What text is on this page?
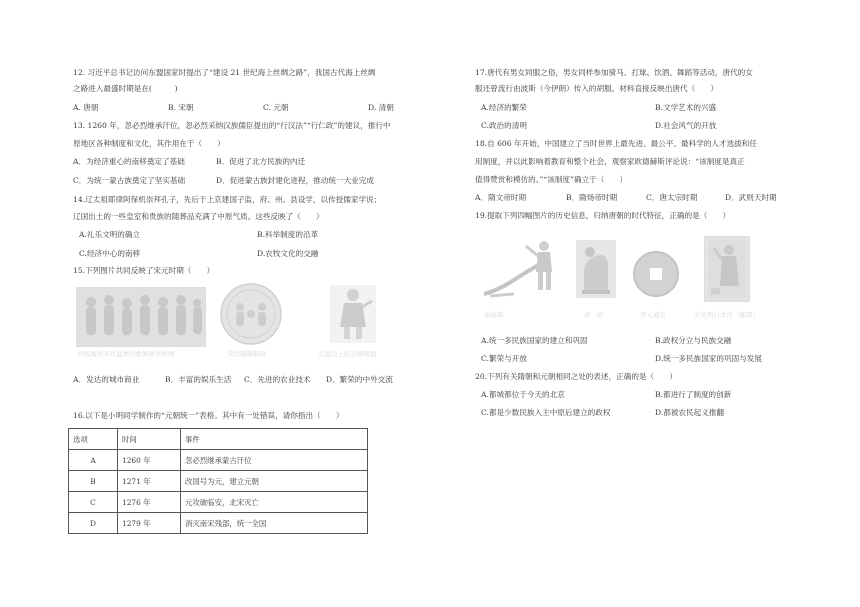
12. 习近平总书记访问东盟国家时提出了“建设 21 世纪海上丝绸之路”，我国古代海上丝绸
之路进入最盛时期是在(　　　)
A. 唐朝	B. 宋朝	C. 元朝	D. 清朝
13. 1260 年，忽必烈继承汗位，忽必烈采纳汉族儒臣提出的“行汉法”“行仁政”的建议，推行中
原地区各种制度和文化，其作用在于（　　）
A．为经济重心的南移奠定了基础	B．促进了北方民族的内迁
C．为统一蒙古族奠定了坚实基础	D．促进蒙古族封建化进程，推动统一大业完成
14.辽太祖耶律阿保机崇拜孔子，先后于上京建国子监，府、州、县设学，以传授儒家学说；
辽国出土的一些皇室和贵族的随葬品充满了中原气质。这些反映了（　　）
A.礼乐文明的确立	B.科举制度的沿革
C.经济中心的南移	D.农牧文化的交融
15.下列图片共同反映了宋元时期（　　）
河南禹州宋代墓葬的歌舞散乐壁画	宋代踢鞠铜镜	元墓出土的杂剧陶俑
A．发达的城市商业	B．丰富的娱乐生活 C．先进的农业技术 D．繁荣的中外交流
16.以下是小明同学制作的“元朝统一”表格。其中有一处错误，请你指出（　　）
选项	时间	事件
A	1260 年	忽必烈继承蒙古汗位
B	1271 年	改国号为元，建立元朝
C	1276 年	元攻破临安，北宋灭亡
D	1279 年	消灭南宋残部，统一全国
17.唐代有男女同服之俗，男女同样参加骑马、打球、饮酒、舞蹈等活动，唐代的女
服还曾流行由波斯（今伊朗）传入的胡服。材料直接反映出唐代（　　）
A.经济的繁荣	B.文学艺术的兴盛
C.政治的清明	D.社会风气的开放
18.自 606 年开始，中国建立了当时世界上最先进、最公平、最科学的人才选拔和任
用制度，并以此影响着教育和整个社会，观察家欧德赫斯评论说：“该制度是真正
值得赞赏和模仿的。”“该制度”确立于（　　）
A．隋文帝时期	B．隋炀帝时期	C．唐太宗时期	D．武则天时期
19.提取下列四幅图片的历史信息，归纳唐朝的时代特征，正确的是（　　）
曲辕犁	唐三彩	开元通宝	玄奘西行求法（邮票）
A.统一多民族国家的建立和巩固	B.政权分立与民族交融
C.繁荣与开放	D.统一多民族国家的巩固与发展
20.下列有关隋朝和元朝相同之处的表述，正确的是（　　）
A.都城都位于今天的北京	B.都进行了制度的创新
C.都是少数民族入主中原后建立的政权	D.都被农民起义推翻
